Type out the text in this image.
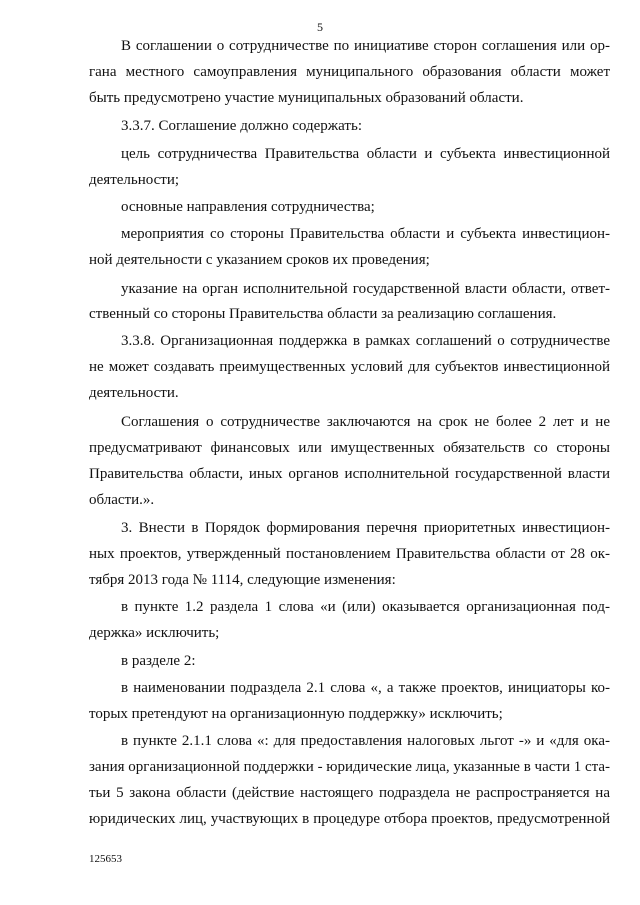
5
В соглашении о сотрудничестве по инициативе сторон соглашения или ор-
гана местного самоуправления муниципального образования области может
быть предусмотрено участие муниципальных образований области.
3.3.7. Соглашение должно содержать:
цель сотрудничества Правительства области и субъекта инвестиционной
деятельности;
основные направления сотрудничества;
мероприятия со стороны Правительства области и субъекта инвестицион-
ной деятельности с указанием сроков их проведения;
указание на орган исполнительной государственной власти области, ответ-
ственный со стороны Правительства области за реализацию соглашения.
3.3.8. Организационная поддержка в рамках соглашений о сотрудничестве
не может создавать преимущественных условий для субъектов инвестиционной
деятельности.
Соглашения о сотрудничестве заключаются на срок не более 2 лет и не
предусматривают финансовых или имущественных обязательств со стороны
Правительства области, иных органов исполнительной государственной власти
области.».
3. Внести в Порядок формирования перечня приоритетных инвестицион-
ных проектов, утвержденный постановлением Правительства области от 28 ок-
тября 2013 года № 1114, следующие изменения:
в пункте 1.2 раздела 1 слова «и (или) оказывается организационная под-
держка» исключить;
в разделе 2:
в наименовании подраздела 2.1 слова «, а также проектов, инициаторы ко-
торых претендуют на организационную поддержку» исключить;
в пункте 2.1.1 слова «: для предоставления налоговых льгот -» и «для ока-
зания организационной поддержки - юридические лица, указанные в части 1 ста-
тьи 5 закона области (действие настоящего подраздела не распространяется на
юридических лиц, участвующих в процедуре отбора проектов, предусмотренной
125653
